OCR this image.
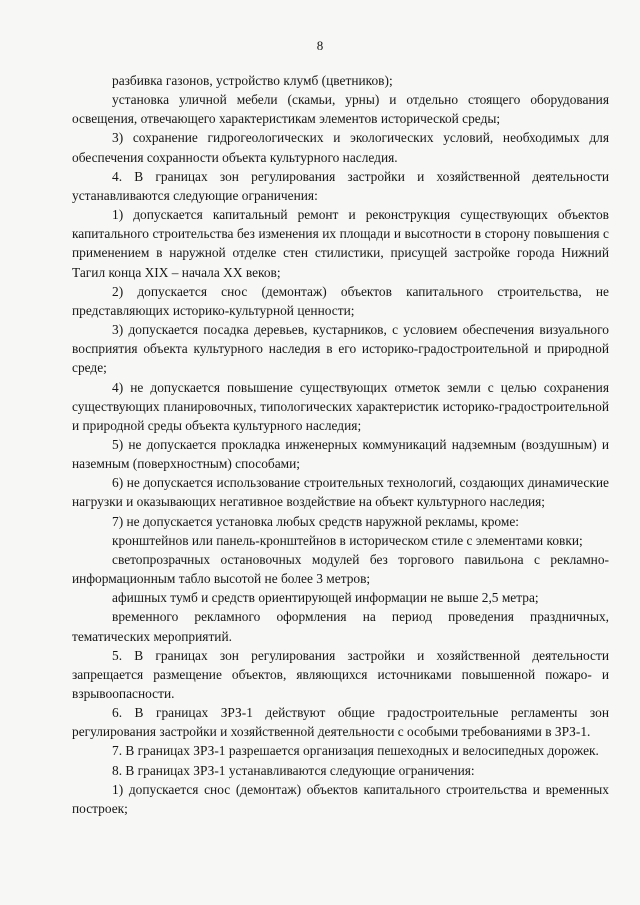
8

разбивка газонов, устройство клумб (цветников);

установка уличной мебели (скамьи, урны) и отдельно стоящего оборудования освещения, отвечающего характеристикам элементов исторической среды;

3) сохранение гидрогеологических и экологических условий, необходимых для обеспечения сохранности объекта культурного наследия.

4. В границах зон регулирования застройки и хозяйственной деятельности устанавливаются следующие ограничения:

1) допускается капитальный ремонт и реконструкция существующих объектов капитального строительства без изменения их площади и высотности в сторону повышения с применением в наружной отделке стен стилистики, присущей застройке города Нижний Тагил конца XIX – начала XX веков;

2) допускается снос (демонтаж) объектов капитального строительства, не представляющих историко-культурной ценности;

3) допускается посадка деревьев, кустарников, с условием обеспечения визуального восприятия объекта культурного наследия в его историко-градостроительной и природной среде;

4) не допускается повышение существующих отметок земли с целью сохранения существующих планировочных, типологических характеристик историко-градостроительной и природной среды объекта культурного наследия;

5) не допускается прокладка инженерных коммуникаций надземным (воздушным) и наземным (поверхностным) способами;

6) не допускается использование строительных технологий, создающих динамические нагрузки и оказывающих негативное воздействие на объект культурного наследия;

7) не допускается установка любых средств наружной рекламы, кроме:

кронштейнов или панель-кронштейнов в историческом стиле с элементами ковки;

светопрозрачных остановочных модулей без торгового павильона с рекламно-информационным табло высотой не более 3 метров;

афишных тумб и средств ориентирующей информации не выше 2,5 метра;

временного рекламного оформления на период проведения праздничных, тематических мероприятий.

5. В границах зон регулирования застройки и хозяйственной деятельности запрещается размещение объектов, являющихся источниками повышенной пожаро- и взрывоопасности.

6. В границах ЗРЗ-1 действуют общие градостроительные регламенты зон регулирования застройки и хозяйственной деятельности с особыми требованиями в ЗРЗ-1.

7. В границах ЗРЗ-1 разрешается организация пешеходных и велосипедных дорожек.

8. В границах ЗРЗ-1 устанавливаются следующие ограничения:

1) допускается снос (демонтаж) объектов капитального строительства и временных построек;
